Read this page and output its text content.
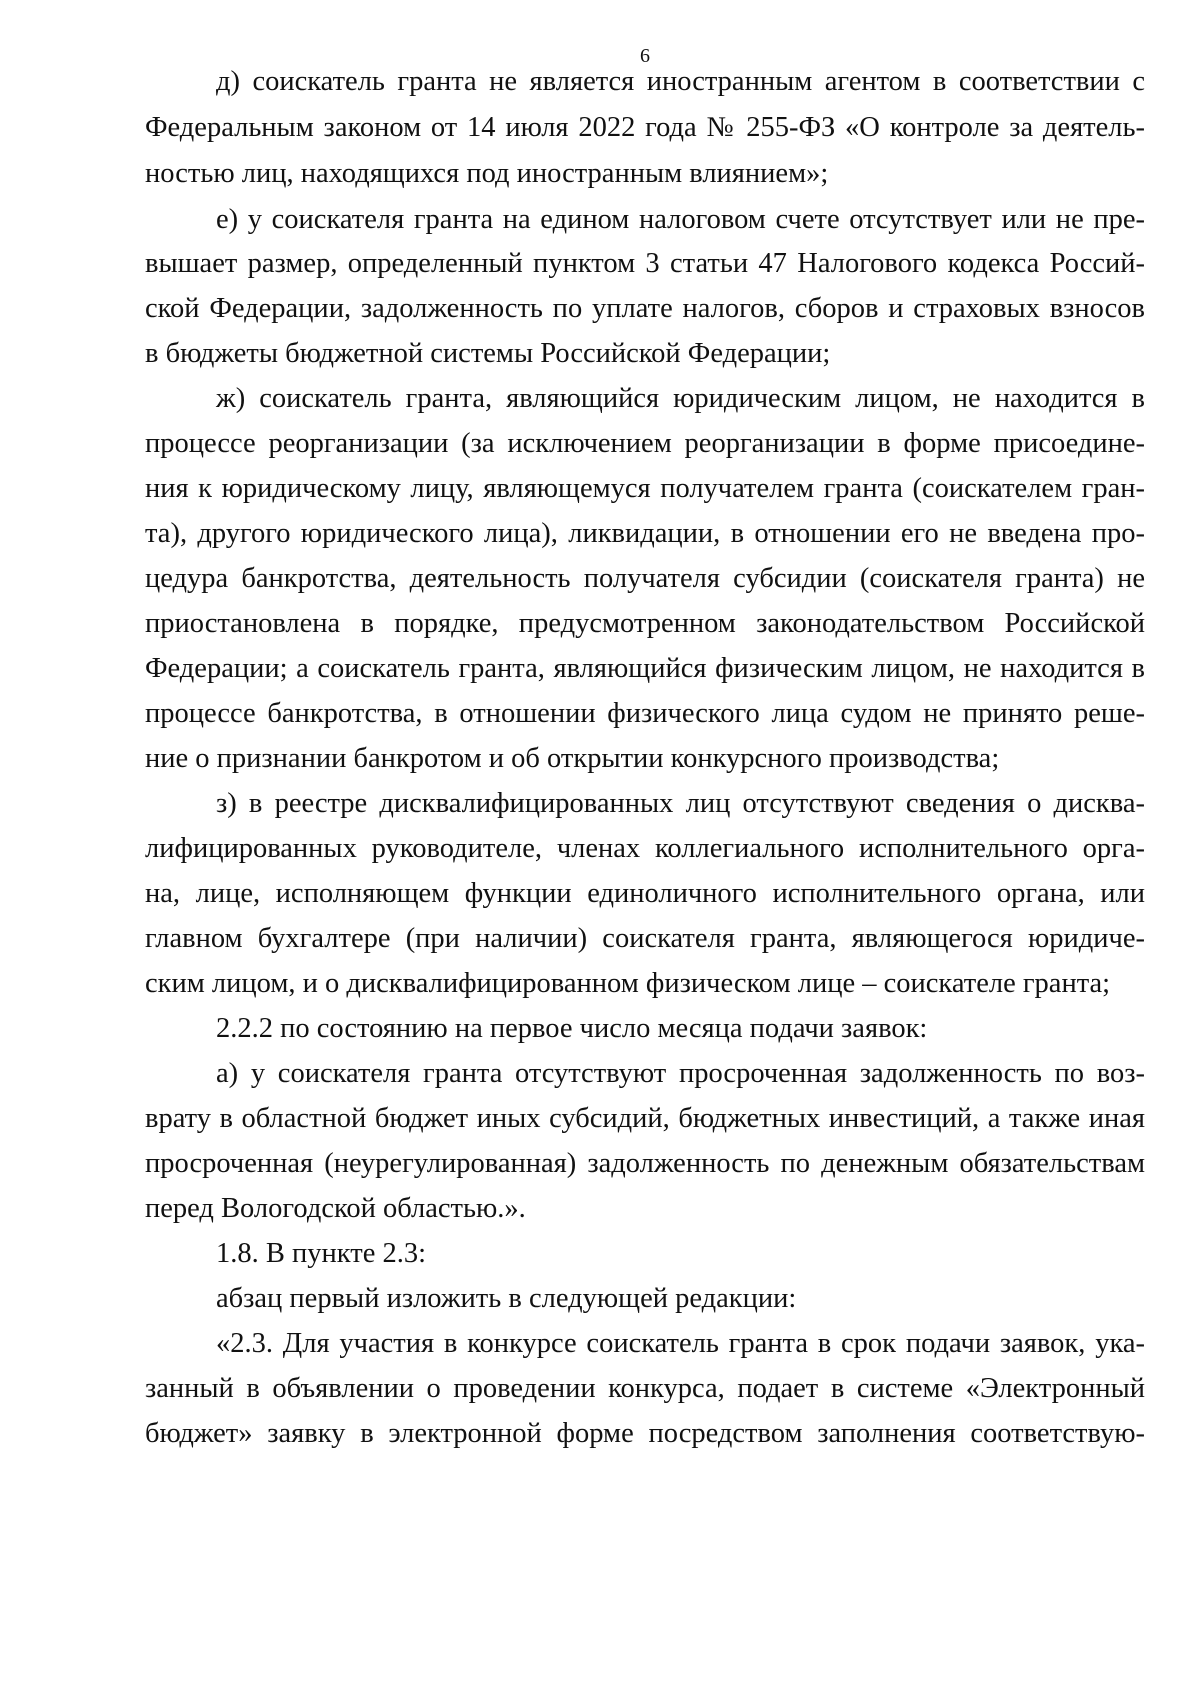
6
д) соискатель гранта не является иностранным агентом в соответствии с
Федеральным законом от 14 июля 2022 года № 255-ФЗ «О контроле за деятель-
ностью лиц, находящихся под иностранным влиянием»;
е) у соискателя гранта на едином налоговом счете отсутствует или не пре-
вышает размер, определенный пунктом 3 статьи 47 Налогового кодекса Россий-
ской Федерации, задолженность по уплате налогов, сборов и страховых взносов
в бюджеты бюджетной системы Российской Федерации;
ж) соискатель гранта, являющийся юридическим лицом, не находится в
процессе реорганизации (за исключением реорганизации в форме присоедине-
ния к юридическому лицу, являющемуся получателем гранта (соискателем гран-
та), другого юридического лица), ликвидации, в отношении его не введена про-
цедура банкротства, деятельность получателя субсидии (соискателя гранта) не
приостановлена в порядке, предусмотренном законодательством Российской
Федерации; а соискатель гранта, являющийся физическим лицом, не находится в
процессе банкротства, в отношении физического лица судом не принято реше-
ние о признании банкротом и об открытии конкурсного производства;
з) в реестре дисквалифицированных лиц отсутствуют сведения о дисква-
лифицированных руководителе, членах коллегиального исполнительного орга-
на, лице, исполняющем функции единоличного исполнительного органа, или
главном бухгалтере (при наличии) соискателя гранта, являющегося юридиче-
ским лицом, и о дисквалифицированном физическом лице – соискателе гранта;
2.2.2 по состоянию на первое число месяца подачи заявок:
а) у соискателя гранта отсутствуют просроченная задолженность по воз-
врату в областной бюджет иных субсидий, бюджетных инвестиций, а также иная
просроченная (неурегулированная) задолженность по денежным обязательствам
перед Вологодской областью.».
1.8. В пункте 2.3:
абзац первый изложить в следующей редакции:
«2.3. Для участия в конкурсе соискатель гранта в срок подачи заявок, ука-
занный в объявлении о проведении конкурса, подает в системе «Электронный
бюджет» заявку в электронной форме посредством заполнения соответствую-
